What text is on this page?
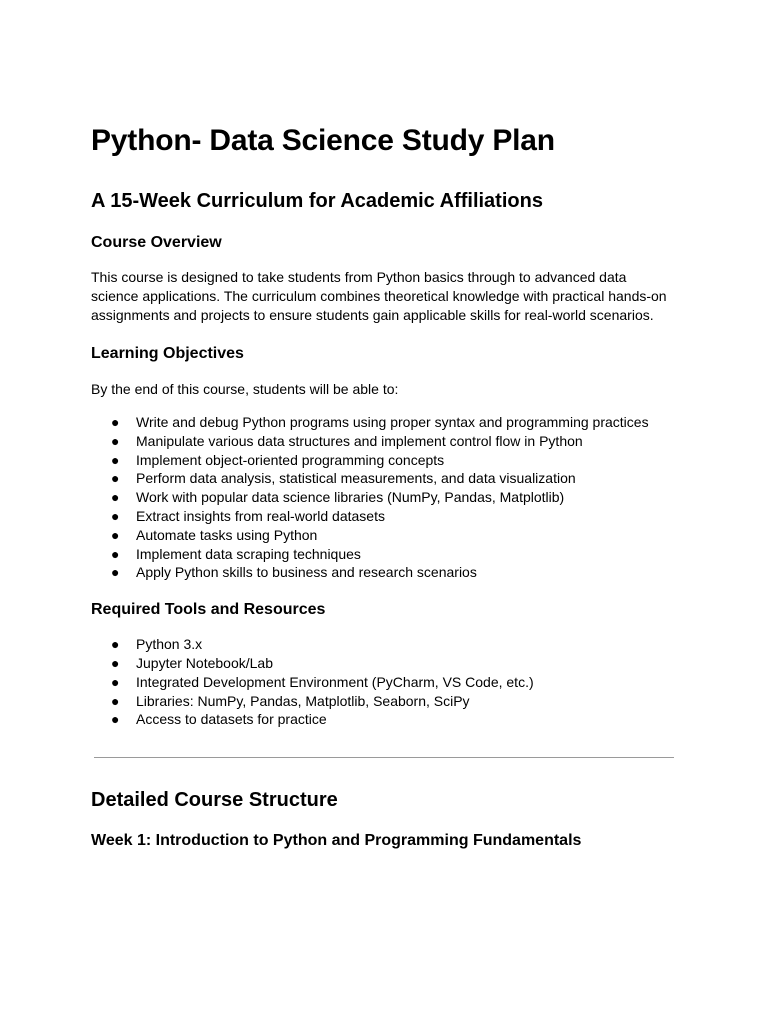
Python- Data Science Study Plan
A 15-Week Curriculum for Academic Affiliations
Course Overview

This course is designed to take students from Python basics through to advanced data science applications. The curriculum combines theoretical knowledge with practical hands-on assignments and projects to ensure students gain applicable skills for real-world scenarios.

Learning Objectives

By the end of this course, students will be able to:

● Write and debug Python programs using proper syntax and programming practices
● Manipulate various data structures and implement control flow in Python
● Implement object-oriented programming concepts
● Perform data analysis, statistical measurements, and data visualization
● Work with popular data science libraries (NumPy, Pandas, Matplotlib)
● Extract insights from real-world datasets
● Automate tasks using Python
● Implement data scraping techniques
● Apply Python skills to business and research scenarios
Required Tools and Resources
● Python 3.x
● Jupyter Notebook/Lab
● Integrated Development Environment (PyCharm, VS Code, etc.)
● Libraries: NumPy, Pandas, Matplotlib, Seaborn, SciPy
● Access to datasets for practice
Detailed Course Structure
Week 1: Introduction to Python and Programming Fundamentals
